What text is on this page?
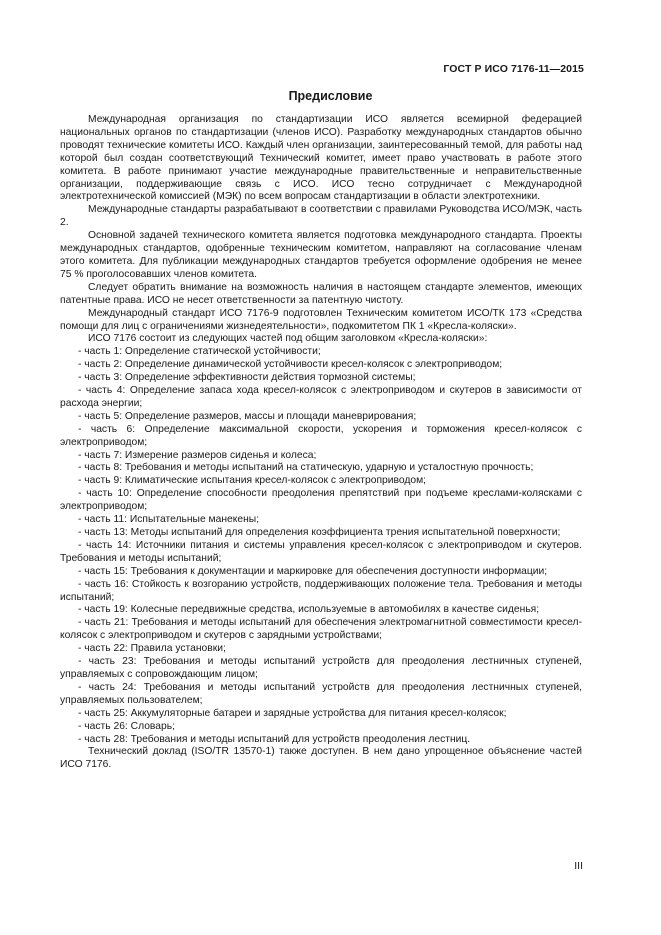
ГОСТ Р ИСО 7176-11—2015
Предисловие

Международная организация по стандартизации ИСО является всемирной федерацией национальных органов по стандартизации (членов ИСО). Разработку международных стандартов обычно проводят технические комитеты ИСО. Каждый член организации, заинтересованный темой, для работы над которой был создан соответствующий Технический комитет, имеет право участвовать в работе этого комитета. В работе принимают участие международные правительственные и неправительственные организации, поддерживающие связь с ИСО. ИСО тесно сотрудничает с Международной электротехнической комиссией (МЭК) по всем вопросам стандартизации в области электротехники.

Международные стандарты разрабатывают в соответствии с правилами Руководства ИСО/МЭК, часть 2.

Основной задачей технического комитета является подготовка международного стандарта. Проекты международных стандартов, одобренные техническим комитетом, направляют на согласование членам этого комитета. Для публикации международных стандартов требуется оформление одобрения не менее 75 % проголосовавших членов комитета.

Следует обратить внимание на возможность наличия в настоящем стандарте элементов, имеющих патентные права. ИСО не несет ответственности за патентную чистоту.

Международный стандарт ИСО 7176-9 подготовлен Техническим комитетом ИСО/ТК 173 «Средства помощи для лиц с ограничениями жизнедеятельности», подкомитетом ПК 1 «Кресла-коляски».

ИСО 7176 состоит из следующих частей под общим заголовком «Кресла-коляски»:

- часть 1: Определение статической устойчивости;

- часть 2: Определение динамической устойчивости кресел-колясок с электроприводом;

- часть 3: Определение эффективности действия тормозной системы;

- часть 4: Определение запаса хода кресел-колясок с электроприводом и скутеров в зависимости от расхода энергии;

- часть 5: Определение размеров, массы и площади маневрирования;

- часть 6: Определение максимальной скорости, ускорения и торможения кресел-колясок с электроприводом;

- часть 7: Измерение размеров сиденья и колеса;

- часть 8: Требования и методы испытаний на статическую, ударную и усталостную прочность;

- часть 9: Климатические испытания кресел-колясок с электроприводом;

- часть 10: Определение способности преодоления препятствий при подъеме креслами-колясками с электроприводом;

- часть 11: Испытательные манекены;

- часть 13: Методы испытаний для определения коэффициента трения испытательной поверхности;

- часть 14: Источники питания и системы управления кресел-колясок с электроприводом и скутеров. Требования и методы испытаний;

- часть 15: Требования к документации и маркировке для обеспечения доступности информации;

- часть 16: Стойкость к возгоранию устройств, поддерживающих положение тела. Требования и методы испытаний;

- часть 19: Колесные передвижные средства, используемые в автомобилях в качестве сиденья;

- часть 21: Требования и методы испытаний для обеспечения электромагнитной совместимости кресел-колясок с электроприводом и скутеров с зарядными устройствами;

- часть 22: Правила установки;

- часть 23: Требования и методы испытаний устройств для преодоления лестничных ступеней, управляемых с сопровождающим лицом;

- часть 24: Требования и методы испытаний устройств для преодоления лестничных ступеней, управляемых пользователем;

- часть 25: Аккумуляторные батареи и зарядные устройства для питания кресел-колясок;

- часть 26: Словарь;

- часть 28: Требования и методы испытаний для устройств преодоления лестниц.

Технический доклад (ISO/TR 13570-1) также доступен. В нем дано упрощенное объяснение частей ИСО 7176.

III
